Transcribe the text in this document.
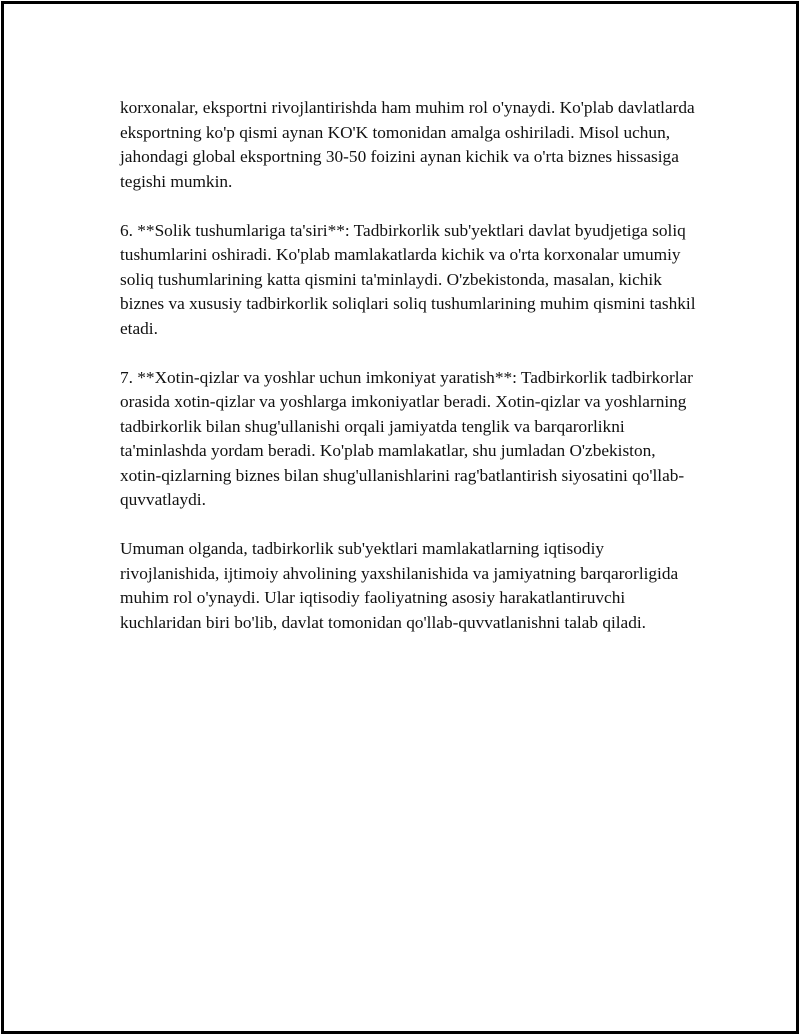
korxonalar, eksportni rivojlantirishda ham muhim rol o'ynaydi. Ko'plab davlatlarda eksportning ko'p qismi aynan KO'K tomonidan amalga oshiriladi. Misol uchun, jahondagi global eksportning 30-50 foizini aynan kichik va o'rta biznes hissasiga tegishi mumkin.

6. **Solik tushumlariga ta'siri**: Tadbirkorlik sub'yektlari davlat byudjetiga soliq tushumlarini oshiradi. Ko'plab mamlakatlarda kichik va o'rta korxonalar umumiy soliq tushumlarining katta qismini ta'minlaydi. O'zbekistonda, masalan, kichik biznes va xususiy tadbirkorlik soliqlari soliq tushumlarining muhim qismini tashkil etadi.

7. **Xotin-qizlar va yoshlar uchun imkoniyat yaratish**: Tadbirkorlik tadbirkorlar orasida xotin-qizlar va yoshlarga imkoniyatlar beradi. Xotin-qizlar va yoshlarning tadbirkorlik bilan shug'ullanishi orqali jamiyatda tenglik va barqarorlikni ta'minlashda yordam beradi. Ko'plab mamlakatlar, shu jumladan O'zbekiston, xotin-qizlarning biznes bilan shug'ullanishlarini rag'batlantirish siyosatini qo'llab-quvvatlaydi.

Umuman olganda, tadbirkorlik sub'yektlari mamlakatlarning iqtisodiy rivojlanishida, ijtimoiy ahvolining yaxshilanishida va jamiyatning barqarorligida muhim rol o'ynaydi. Ular iqtisodiy faoliyatning asosiy harakatlantiruvchi kuchlaridan biri bo'lib, davlat tomonidan qo'llab-quvvatlanishni talab qiladi.
